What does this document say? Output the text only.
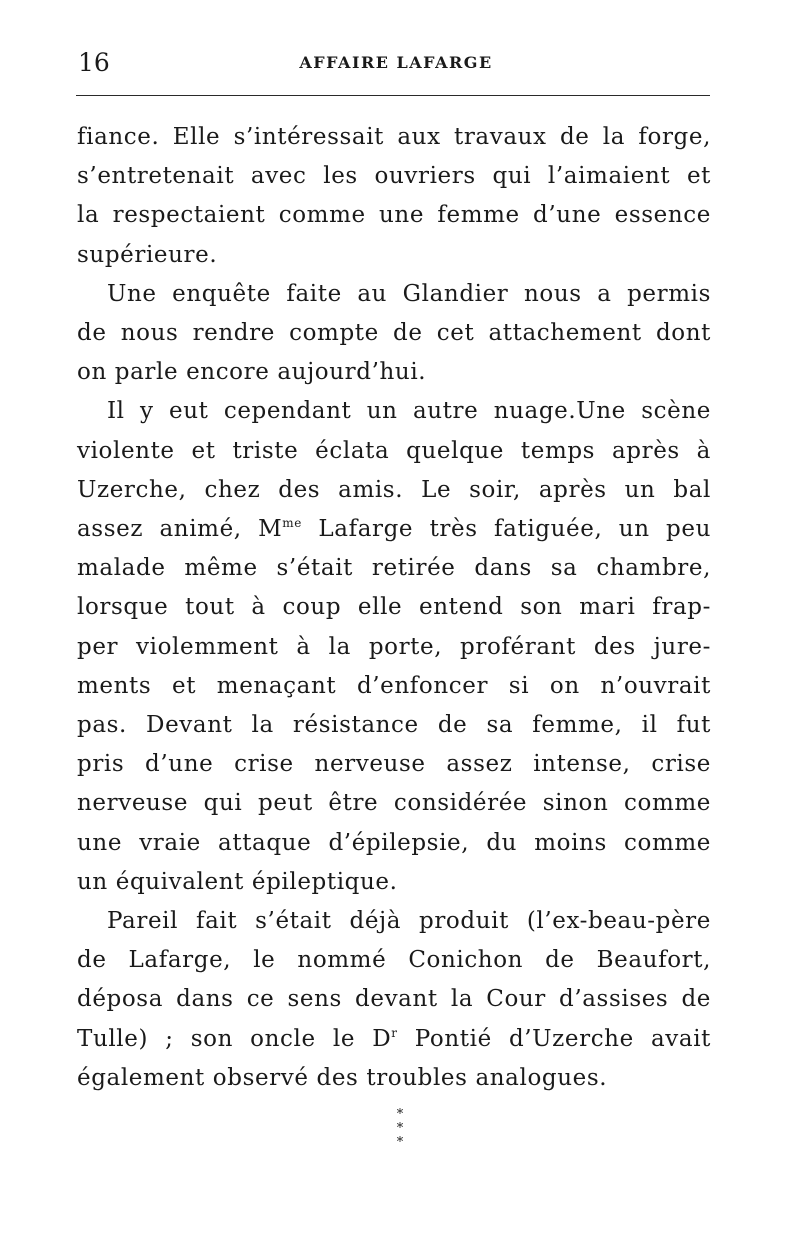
16	AFFAIRE LAFARGE

fiance. Elle s’intéressait aux travaux de la forge,
s’entretenait avec les ouvriers qui l’aimaient et
la respectaient comme une femme d’une essence
supérieure.

Une enquête faite au Glandier nous a permis
de nous rendre compte de cet attachement dont
on parle encore aujourd’hui.

Il y eut cependant un autre nuage.Une scène
violente et triste éclata quelque temps après à
Uzerche, chez des amis. Le soir, après un bal
assez animé, $M^{me}$ Lafarge très fatiguée, un peu
malade même s’était retirée dans sa chambre,
lorsque tout à coup elle entend son mari frap-
per violemment à la porte, proférant des jure-
ments et menaçant d’enfoncer si on n’ouvrait
pas. Devant la résistance de sa femme, il fut
pris d’une crise nerveuse assez intense, crise
nerveuse qui peut être considérée sinon comme
une vraie attaque d’épilepsie, du moins comme
un équivalent épileptique.

Pareil fait s’était déjà produit (l’ex-beau-père
de Lafarge, le nommé Conichon de Beaufort,
déposa dans ce sens devant la Cour d’assises de
Tulle) ; son oncle le $D^r$ Pontié d’Uzerche avait
également observé des troubles analogues.

*
* *
